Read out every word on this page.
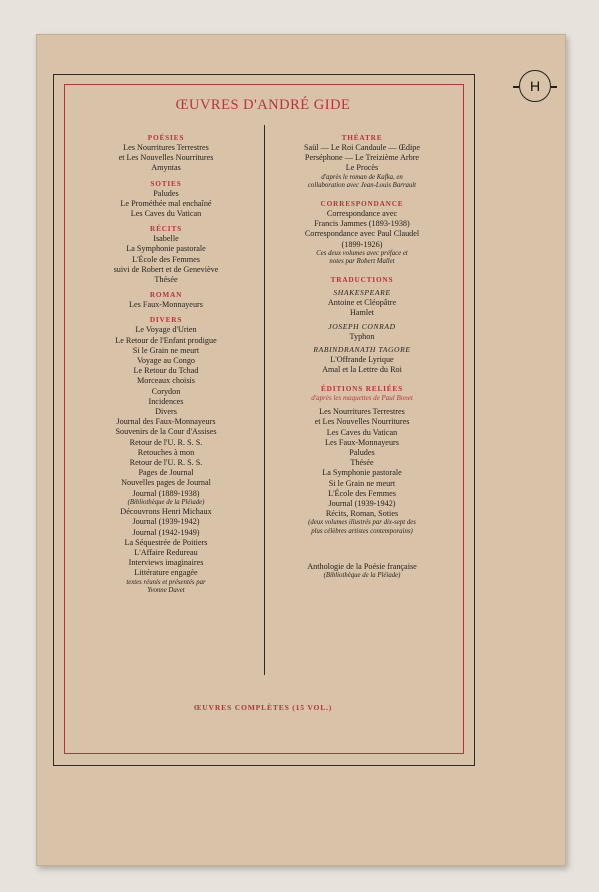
H
ŒUVRES D'ANDRÉ GIDE
POÉSIES
Les Nourritures Terrestres
et Les Nouvelles Nourritures
Amyntas
SOTIES
Paludes
Le Prométhée mal enchaîné
Les Caves du Vatican
RÉCITS
Isabelle
La Symphonie pastorale
L'École des Femmes
suivi de Robert et de Geneviève
Thésée
ROMAN
Les Faux-Monnayeurs
DIVERS
Le Voyage d'Urien
Le Retour de l'Enfant prodigue
Si le Grain ne meurt
Voyage au Congo
Le Retour du Tchad
Morceaux choisis
Corydon
Incidences
Divers
Journal des Faux-Monnayeurs
Souvenirs de la Cour d'Assises
Retour de l'U. R. S. S.
Retouches à mon
Retour de l'U. R. S. S.
Pages de Journal
Nouvelles pages de Journal
Journal (1889-1938)
(Bibliothèque de la Pléiade)
Découvrons Henri Michaux
Journal (1939-1942)
Journal (1942-1949)
La Séquestrée de Poitiers
L'Affaire Redureau
Interviews imaginaires
Littérature engagée
textes réunis et présentés par
Yvonne Davet
THÉATRE
Saül — Le Roi Candaule — Œdipe
Perséphone — Le Treizième Arbre
Le Procès
d'après le roman de Kafka, en
collaboration avec Jean-Louis Barrault
CORRESPONDANCE
Correspondance avec
Francis Jammes (1893-1938)
Correspondance avec Paul Claudel
(1899-1926)
Ces deux volumes avec préface et
notes par Robert Mallet
TRADUCTIONS
SHAKESPEARE
Antoine et Cléopâtre
Hamlet
JOSEPH CONRAD
Typhon
RABINDRANATH TAGORE
L'Offrande Lyrique
Amal et la Lettre du Roi
ÉDITIONS RELIÉES
d'après les maquettes de Paul Bonet
Les Nourritures Terrestres
et Les Nouvelles Nourritures
Les Caves du Vatican
Les Faux-Monnayeurs
Paludes
Thésée
La Symphonie pastorale
Si le Grain ne meurt
L'École des Femmes
Journal (1939-1942)
Récits, Roman, Soties
(deux volumes illustrés par dix-sept des
plus célèbres artistes contemporains)
Anthologie de la Poésie française
(Bibliothèque de la Pléiade)
ŒUVRES COMPLÈTES (15 VOL.)
